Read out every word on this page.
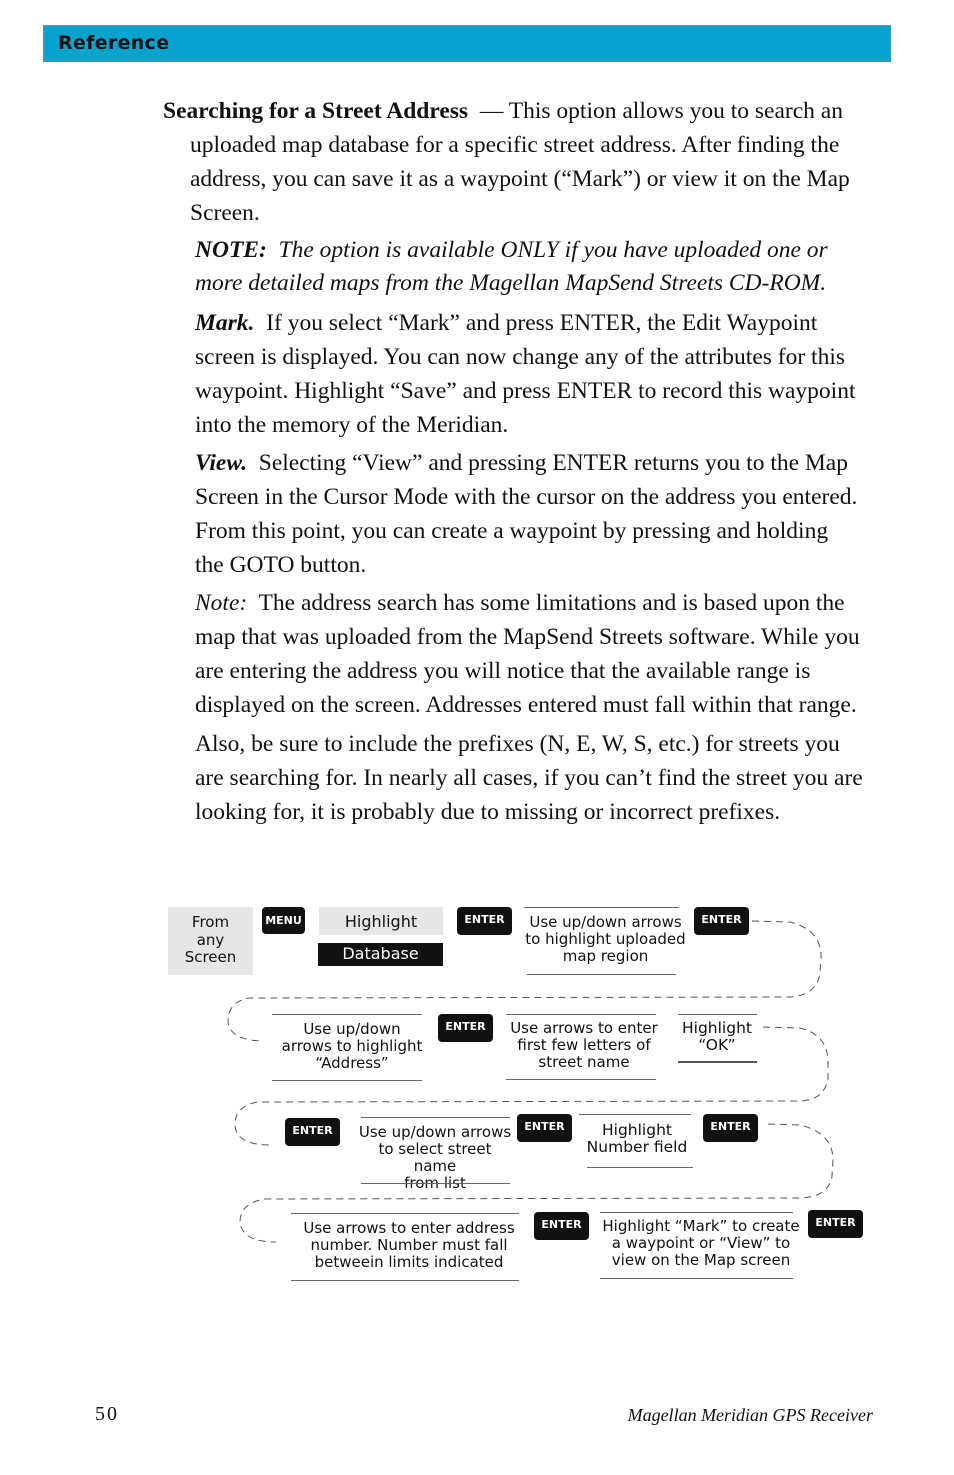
Reference

Searching for a Street Address — This option allows you to search an uploaded map database for a specific street address. After finding the address, you can save it as a waypoint (“Mark”) or view it on the Map Screen.

NOTE: The option is available ONLY if you have uploaded one or more detailed maps from the Magellan MapSend Streets CD-ROM.

Mark. If you select “Mark” and press ENTER, the Edit Waypoint screen is displayed. You can now change any of the attributes for this waypoint. Highlight “Save” and press ENTER to record this waypoint into the memory of the Meridian.

View. Selecting “View” and pressing ENTER returns you to the Map Screen in the Cursor Mode with the cursor on the address you entered. From this point, you can create a waypoint by pressing and holding the GOTO button.

Note: The address search has some limitations and is based upon the map that was uploaded from the MapSend Streets software. While you are entering the address you will notice that the available range is displayed on the screen. Addresses entered must fall within that range.

Also, be sure to include the prefixes (N, E, W, S, etc.) for streets you are searching for. In nearly all cases, if you can’t find the street you are looking for, it is probably due to missing or incorrect prefixes.

From
any
Screen
MENU	Highlight
Database
ENTER	Use up/down arrows
to highlight uploaded
map region
ENTER
Use up/down
arrows to highlight
“Address”
ENTER	Use arrows to enter
first few letters of
street name
Highlight
“OK”
ENTER	Use up/down arrows
to select street name
from list
ENTER	Highlight
Number field
ENTER
Use arrows to enter address
number. Number must fall
betweein limits indicated
ENTER	Highlight “Mark” to create
a waypoint or “View” to
view on the Map screen
ENTER
50	Magellan Meridian GPS Receiver
